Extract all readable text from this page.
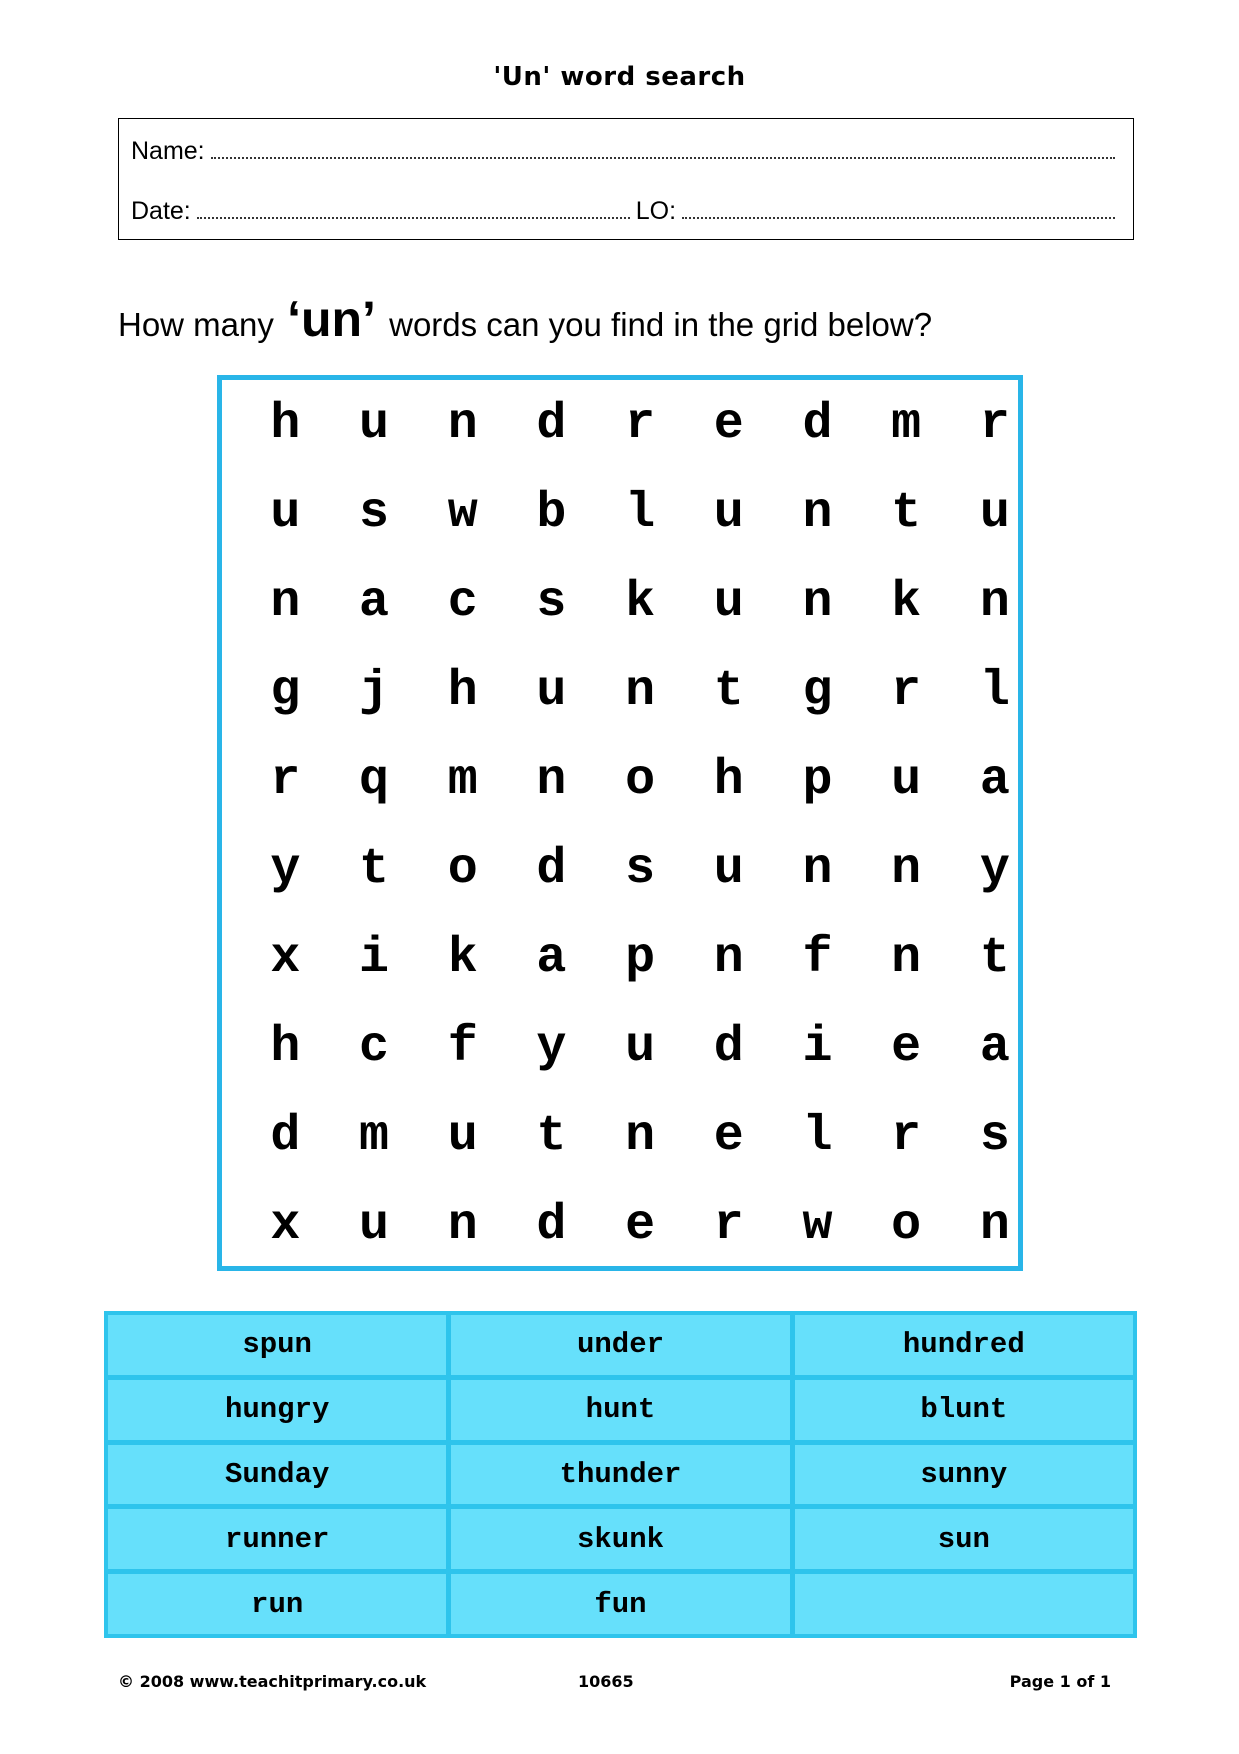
'Un' word search
Name:
Date:	LO:
How many ‘un’ words can you find in the grid below?
h	u	n	d	r	e	d	m	r
u	s	w	b	l	u	n	t	u
n	a	c	s	k	u	n	k	n
g	j	h	u	n	t	g	r	l
r	q	m	n	o	h	p	u	a
y	t	o	d	s	u	n	n	y
x	i	k	a	p	n	f	n	t
h	c	f	y	u	d	i	e	a
d	m	u	t	n	e	l	r	s
x	u	n	d	e	r	w	o	n
spun	under	hundred
hungry	hunt	blunt
Sunday	thunder	sunny
runner	skunk	sun
run	fun
© 2008 www.teachitprimary.co.uk	10665	Page 1 of 1
